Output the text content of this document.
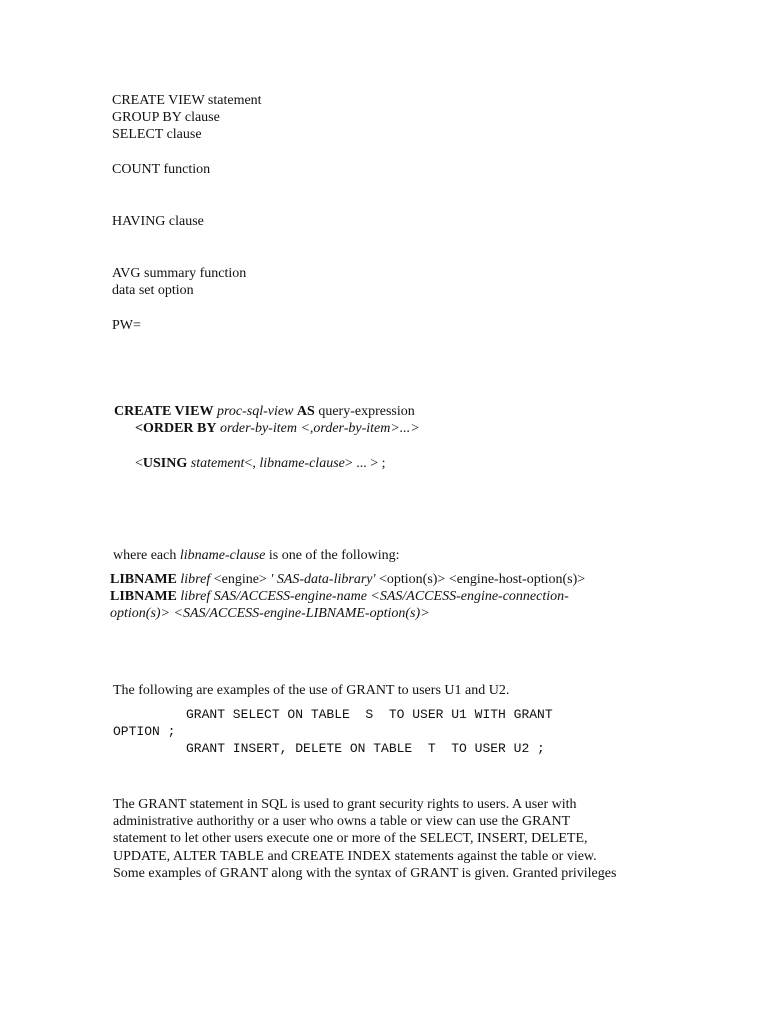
CREATE VIEW statement
GROUP BY clause
SELECT clause
COUNT function
HAVING clause
AVG summary function
data set option
PW=
CREATE VIEW proc-sql-view AS query-expression
<ORDER BY order-by-item <,order-by-item>...>
<USING statement<, libname-clause> ... > ;
where each libname-clause is one of the following:
LIBNAME libref <engine> ' SAS-data-library' <option(s)> <engine-host-option(s)>
LIBNAME libref SAS/ACCESS-engine-name <SAS/ACCESS-engine-connection-
option(s)> <SAS/ACCESS-engine-LIBNAME-option(s)>
The following are examples of the use of GRANT to users U1 and U2.
GRANT SELECT ON TABLE  S  TO USER U1 WITH GRANT
OPTION ;
GRANT INSERT, DELETE ON TABLE  T  TO USER U2 ;
The GRANT statement in SQL is used to grant security rights to users. A user with
administrative authorithy or a user who owns a table or view can use the GRANT
statement to let other users execute one or more of the SELECT, INSERT, DELETE,
UPDATE, ALTER TABLE and CREATE INDEX statements against the table or view.
Some examples of GRANT along with the syntax of GRANT is given. Granted privileges
